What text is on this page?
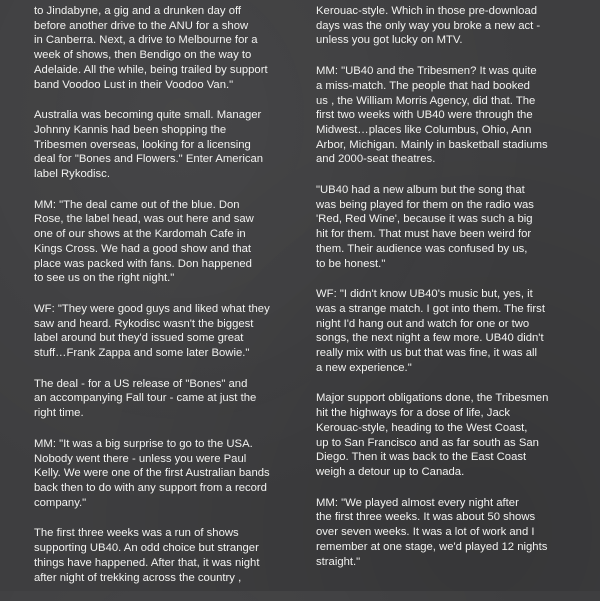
to Jindabyne, a gig and a drunken day off
before another drive to the ANU for a show
in Canberra. Next, a drive to Melbourne for a
week of shows, then Bendigo on the way to
Adelaide. All the while, being trailed by support
band Voodoo Lust in their Voodoo Van."

Australia was becoming quite small. Manager
Johnny Kannis had been shopping the
Tribesmen overseas, looking for a licensing
deal for "Bones and Flowers." Enter American
label Rykodisc.

MM: "The deal came out of the blue. Don
Rose, the label head, was out here and saw
one of our shows at the Kardomah Cafe in
Kings Cross. We had a good show and that
place was packed with fans. Don happened
to see us on the right night."

WF: "They were good guys and liked what they
saw and heard. Rykodisc wasn't the biggest
label around but they'd issued some great
stuff…Frank Zappa and some later Bowie."

The deal - for a US release of "Bones" and
an accompanying Fall tour - came at just the
right time.

MM: "It was a big surprise to go to the USA.
Nobody went there - unless you were Paul
Kelly. We were one of the first Australian bands
back then to do with any support from a record
company."

The first three weeks was a run of shows
supporting UB40. An odd choice but stranger
things have happened. After that, it was night
after night of trekking across the country ,

Kerouac-style. Which in those pre-download
days was the only way you broke a new act -
unless you got lucky on MTV.

MM: "UB40 and the Tribesmen? It was quite
a miss-match. The people that had booked
us , the William Morris Agency, did that. The
first two weeks with UB40 were through the
Midwest…places like Columbus, Ohio, Ann
Arbor, Michigan. Mainly in basketball stadiums
and 2000-seat theatres.

"UB40 had a new album but the song that
was being played for them on the radio was
'Red, Red Wine', because it was such a big
hit for them. That must have been weird for
them. Their audience was confused by us,
to be honest."

WF: "I didn't know UB40's music but, yes, it
was a strange match. I got into them. The first
night I'd hang out and watch for one or two
songs, the next night a few more. UB40 didn't
really mix with us but that was fine, it was all
a new experience."

Major support obligations done, the Tribesmen
hit the highways for a dose of life, Jack
Kerouac-style, heading to the West Coast,
up to San Francisco and as far south as San
Diego. Then it was back to the East Coast
weigh a detour up to Canada.

MM: "We played almost every night after
the first three weeks. It was about 50 shows
over seven weeks. It was a lot of work and I
remember at one stage, we'd played 12 nights
straight."
